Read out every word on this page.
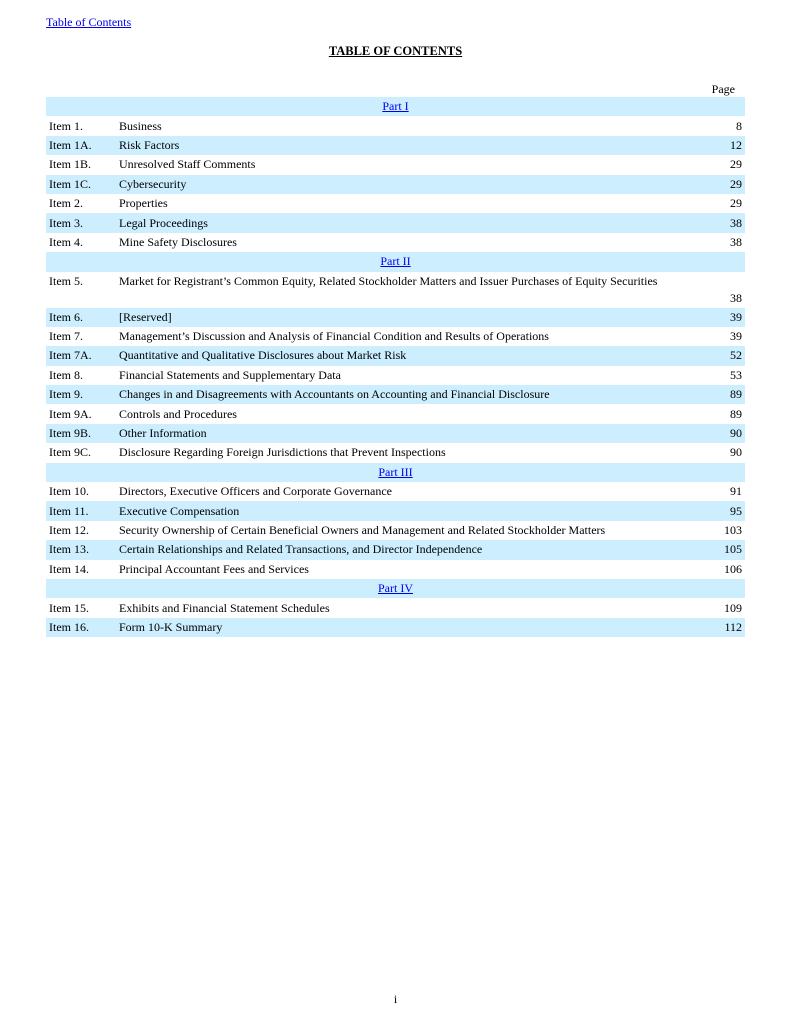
Table of Contents
TABLE OF CONTENTS
Page
Part I
Item 1.	Business	8
Item 1A.	Risk Factors	12
Item 1B.	Unresolved Staff Comments	29
Item 1C.	Cybersecurity	29
Item 2.	Properties	29
Item 3.	Legal Proceedings	38
Item 4.	Mine Safety Disclosures	38
Part II
Item 5.	Market for Registrant’s Common Equity, Related Stockholder Matters and Issuer Purchases of Equity Securities
38
Item 6.	[Reserved]	39
Item 7.	Management’s Discussion and Analysis of Financial Condition and Results of Operations	39
Item 7A.	Quantitative and Qualitative Disclosures about Market Risk	52
Item 8.	Financial Statements and Supplementary Data	53
Item 9.	Changes in and Disagreements with Accountants on Accounting and Financial Disclosure	89
Item 9A.	Controls and Procedures	89
Item 9B.	Other Information	90
Item 9C.	Disclosure Regarding Foreign Jurisdictions that Prevent Inspections	90
Part III
Item 10.	Directors, Executive Officers and Corporate Governance	91
Item 11.	Executive Compensation	95
Item 12.	Security Ownership of Certain Beneficial Owners and Management and Related Stockholder Matters	103
Item 13.	Certain Relationships and Related Transactions, and Director Independence	105
Item 14.	Principal Accountant Fees and Services	106
Part IV
Item 15.	Exhibits and Financial Statement Schedules	109
Item 16.	Form 10-K Summary	112
i
